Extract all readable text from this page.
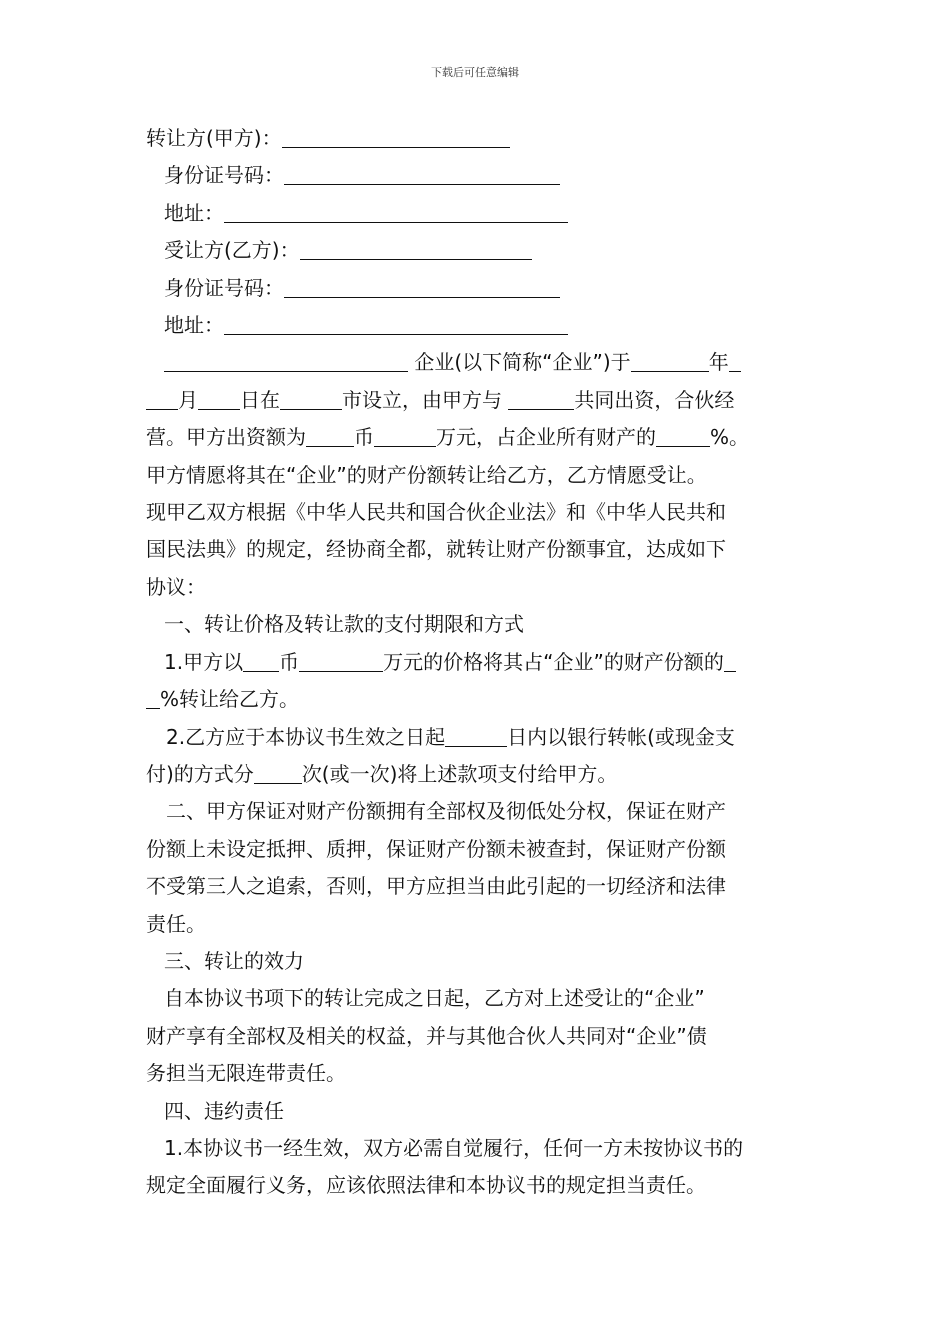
下载后可任意编辑

转让方(甲方)：

身份证号码：

地址：

受让方(乙方)：

身份证号码：

地址：

企业(以下简称“企业”)于	年

月 日在	市设立，由甲方与	共同出资，合伙经

营。甲方出资额为 币	万元，占企业所有财产的	%。

甲方情愿将其在“企业”的财产份额转让给乙方，乙方情愿受让。

现甲乙双方根据《中华人民共和国合伙企业法》和《中华人民共和

国民法典》的规定，经协商全都，就转让财产份额事宜，达成如下

协议：

一、转让价格及转让款的支付期限和方式

1.甲方以 币	万元的价格将其占“企业”的财产份额的

%转让给乙方。

2.乙方应于本协议书生效之日起	日内以银行转帐(或现金支

付)的方式分 次(或一次)将上述款项支付给甲方。

二、甲方保证对财产份额拥有全部权及彻低处分权，保证在财产

份额上未设定抵押、质押，保证财产份额未被查封，保证财产份额

不受第三人之追索，否则，甲方应担当由此引起的一切经济和法律

责任。

三、转让的效力

自本协议书项下的转让完成之日起，乙方对上述受让的“企业”

财产享有全部权及相关的权益，并与其他合伙人共同对“企业”债

务担当无限连带责任。

四、违约责任

1.本协议书一经生效，双方必需自觉履行，任何一方未按协议书的

规定全面履行义务，应该依照法律和本协议书的规定担当责任。
